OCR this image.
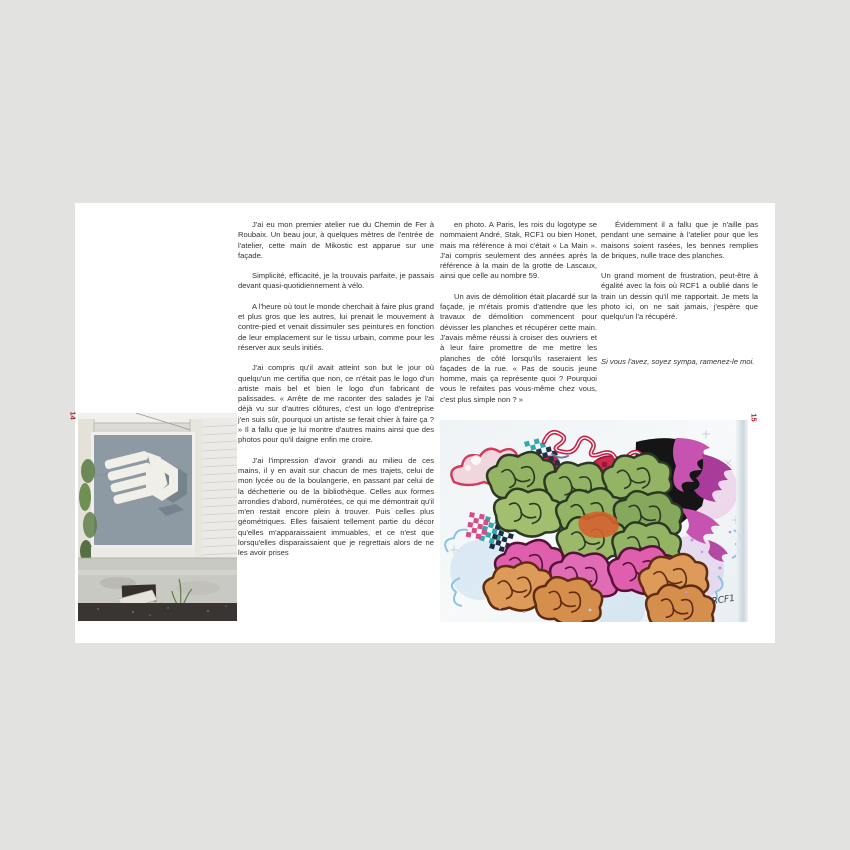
J'ai eu mon premier atelier rue du Chemin de Fer à Roubaix. Un beau jour, à quelques mètres de l'entrée de l'atelier, cette main de Mikostic est apparue sur une façade.

Simplicité, efficacité, je la trouvais parfaite, je passais devant quasi-quotidiennement à vélo.

A l'heure où tout le monde cherchait à faire plus grand et plus gros que les autres, lui prenait le mouvement à contre-pied et venait dissimuler ses peintures en fonction de leur emplacement sur le tissu urbain, comme pour les réserver aux seuls initiés.

J'ai compris qu'il avait atteint son but le jour où quelqu'un me certifia que non, ce n'était pas le logo d'un artiste mais bel et bien le logo d'un fabricant de palissades. « Arrête de me raconter des salades je l'ai déjà vu sur d'autres clôtures, c'est un logo d'entreprise j'en suis sûr, pourquoi un artiste se ferait chier à faire ça ? » Il a fallu que je lui montre d'autres mains ainsi que des photos pour qu'il daigne enfin me croire.

J'ai l'impression d'avoir grandi au milieu de ces mains, il y en avait sur chacun de mes trajets, celui de mon lycée ou de la boulangerie, en passant par celui de la déchetterie ou de la bibliothèque. Celles aux formes arrondies d'abord, numérotées, ce qui me démontrait qu'il m'en restait encore plein à trouver. Puis celles plus géométriques. Elles faisaient tellement partie du décor qu'elles m'apparaissaient immuables, et ce n'est que lorsqu'elles disparaissaient que je regrettais alors de ne les avoir prises

en photo. A Paris, les rois du logotype se nommaient André, Stak, RCF1 ou bien Honet, mais ma référence à moi c'était « La Main ». J'ai compris seulement des années après la référence à la main de la grotte de Lascaux, ainsi que celle au nombre 59.

Un avis de démolition était placardé sur la façade, je m'étais promis d'attendre que les travaux de démolition commencent pour dévisser les planches et récupérer cette main. J'avais même réussi à croiser des ouvriers et à leur faire promettre de me mettre les planches de côté lorsqu'ils raseraient les façades de la rue. « Pas de soucis jeune homme, mais ça représente quoi ? Pourquoi vous le refaites pas vous-même chez vous, c'est plus simple non ? »

Évidemment il a fallu que je n'aille pas pendant une semaine à l'atelier pour que les maisons soient rasées, les bennes remplies de briques, nulle trace des planches.

Un grand moment de frustration, peut-être à égalité avec la fois où RCF1 a oublié dans le train un dessin qu'il me rapportait. Je mets la photo ici, on ne sait jamais, j'espère que quelqu'un l'a récupéré.

Si vous l'avez, soyez sympa, ramenez-le moi.

RCF1
15
14
